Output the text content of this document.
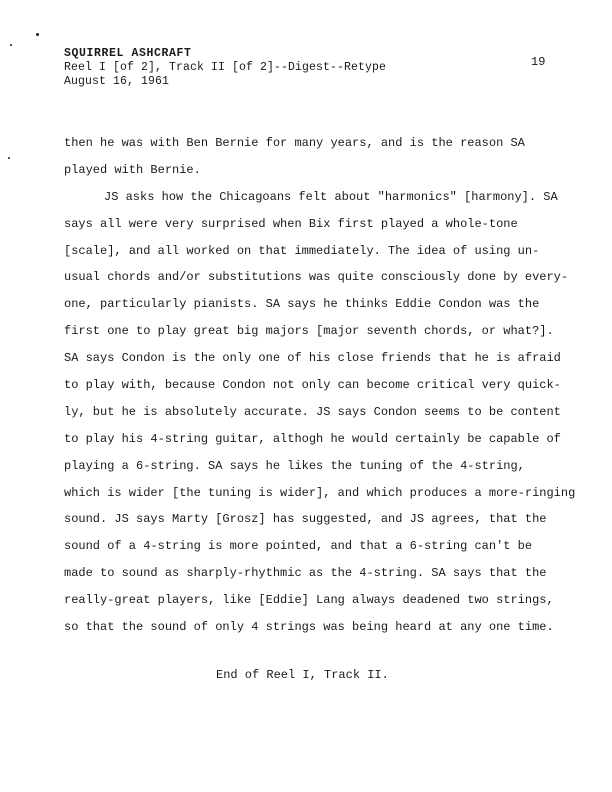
SQUIRREL ASHCRAFT
Reel I [of 2], Track II [of 2]--Digest--Retype
August 16, 1961
19
then he was with Ben Bernie for many years, and is the reason SA
played with Bernie.
JS asks how the Chicagoans felt about "harmonics" [harmony]. SA
says all were very surprised when Bix first played a whole-tone
[scale], and all worked on that immediately. The idea of using un-
usual chords and/or substitutions was quite consciously done by every-
one, particularly pianists. SA says he thinks Eddie Condon was the
first one to play great big majors [major seventh chords, or what?].
SA says Condon is the only one of his close friends that he is afraid
to play with, because Condon not only can become critical very quick-
ly, but he is absolutely accurate. JS says Condon seems to be content
to play his 4-string guitar, althogh he would certainly be capable of
playing a 6-string. SA says he likes the tuning of the 4-string,
which is wider [the tuning is wider], and which produces a more-ringing
sound. JS says Marty [Grosz] has suggested, and JS agrees, that the
sound of a 4-string is more pointed, and that a 6-string can't be
made to sound as sharply-rhythmic as the 4-string. SA says that the
really-great players, like [Eddie] Lang always deadened two strings,
so that the sound of only 4 strings was being heard at any one time.
End of Reel I, Track II.
